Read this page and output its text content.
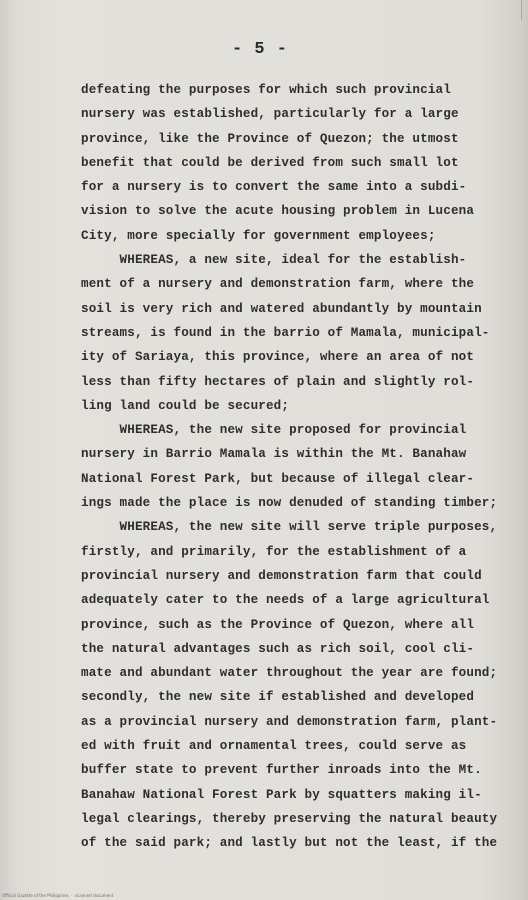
- 5 -
defeating the purposes for which such provincial
nursery was established, particularly for a large
province, like the Province of Quezon; the utmost
benefit that could be derived from such small lot
for a nursery is to convert the same into a subdi-
vision to solve the acute housing problem in Lucena
City, more specially for government employees;
WHEREAS, a new site, ideal for the establish-
ment of a nursery and demonstration farm, where the
soil is very rich and watered abundantly by mountain
streams, is found in the barrio of Mamala, municipal-
ity of Sariaya, this province, where an area of not
less than fifty hectares of plain and slightly rol-
ling land could be secured;
WHEREAS, the new site proposed for provincial
nursery in Barrio Mamala is within the Mt. Banahaw
National Forest Park, but because of illegal clear-
ings made the place is now denuded of standing timber;
WHEREAS, the new site will serve triple purposes,
firstly, and primarily, for the establishment of a
provincial nursery and demonstration farm that could
adequately cater to the needs of a large agricultural
province, such as the Province of Quezon, where all
the natural advantages such as rich soil, cool cli-
mate and abundant water throughout the year are found;
secondly, the new site if established and developed
as a provincial nursery and demonstration farm, plant-
ed with fruit and ornamental trees, could serve as
buffer state to prevent further inroads into the Mt.
Banahaw National Forest Park by squatters making il-
legal clearings, thereby preserving the natural beauty
of the said park; and lastly but not the least, if the
Official Gazette of the Philippines  ·  scanned document
